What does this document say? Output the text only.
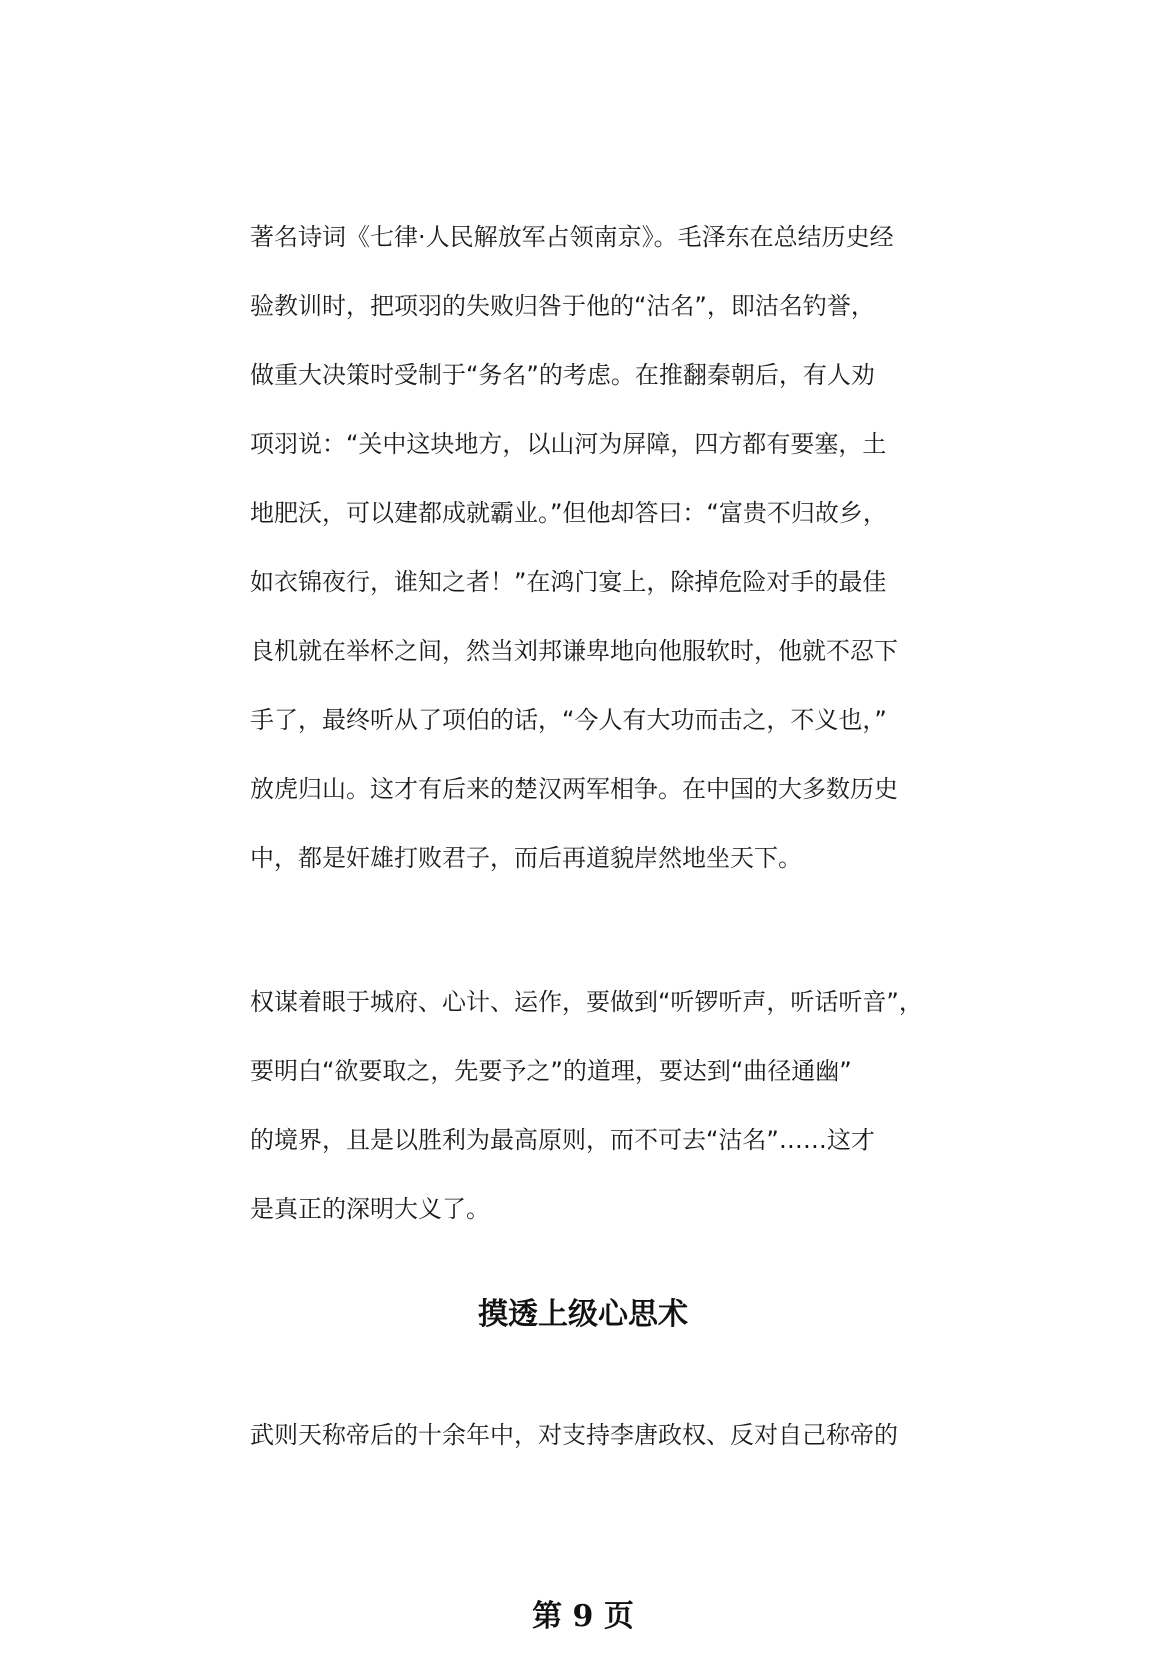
著名诗词《七律·人民解放军占领南京》。毛泽东在总结历史经
验教训时，把项羽的失败归咎于他的“沽名”，即沽名钓誉，
做重大决策时受制于“务名”的考虑。在推翻秦朝后，有人劝
项羽说：“关中这块地方，以山河为屏障，四方都有要塞，土
地肥沃，可以建都成就霸业。”但他却答曰：“富贵不归故乡，
如衣锦夜行，谁知之者！”在鸿门宴上，除掉危险对手的最佳
良机就在举杯之间，然当刘邦谦卑地向他服软时，他就不忍下
手了，最终听从了项伯的话，“今人有大功而击之，不义也，”
放虎归山。这才有后来的楚汉两军相争。在中国的大多数历史
中，都是奸雄打败君子，而后再道貌岸然地坐天下。
权谋着眼于城府、心计、运作，要做到“听锣听声，听话听音”，
要明白“欲要取之，先要予之”的道理，要达到“曲径通幽”
的境界，且是以胜利为最高原则，而不可去“沽名”……这才
是真正的深明大义了。
摸透上级心思术
武则天称帝后的十余年中，对支持李唐政权、反对自己称帝的
第 9 页
